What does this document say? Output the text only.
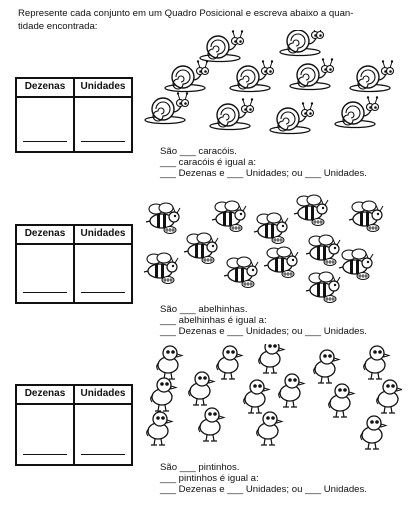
Represente cada conjunto em um Quadro Posicional e escreva abaixo a quan-
tidade encontrada:
Dezenas	Unidades
São ___ caracóis.
___ caracóis é igual a:
___ Dezenas e ___ Unidades; ou ___ Unidades.
Dezenas	Unidades
São ___ abelhinhas.
___ abelhinhas é igual a:
___ Dezenas e ___ Unidades; ou ___ Unidades.
Dezenas	Unidades
São ___ pintinhos.
___ pintinhos é igual a:
___ Dezenas e ___ Unidades; ou ___ Unidades.
